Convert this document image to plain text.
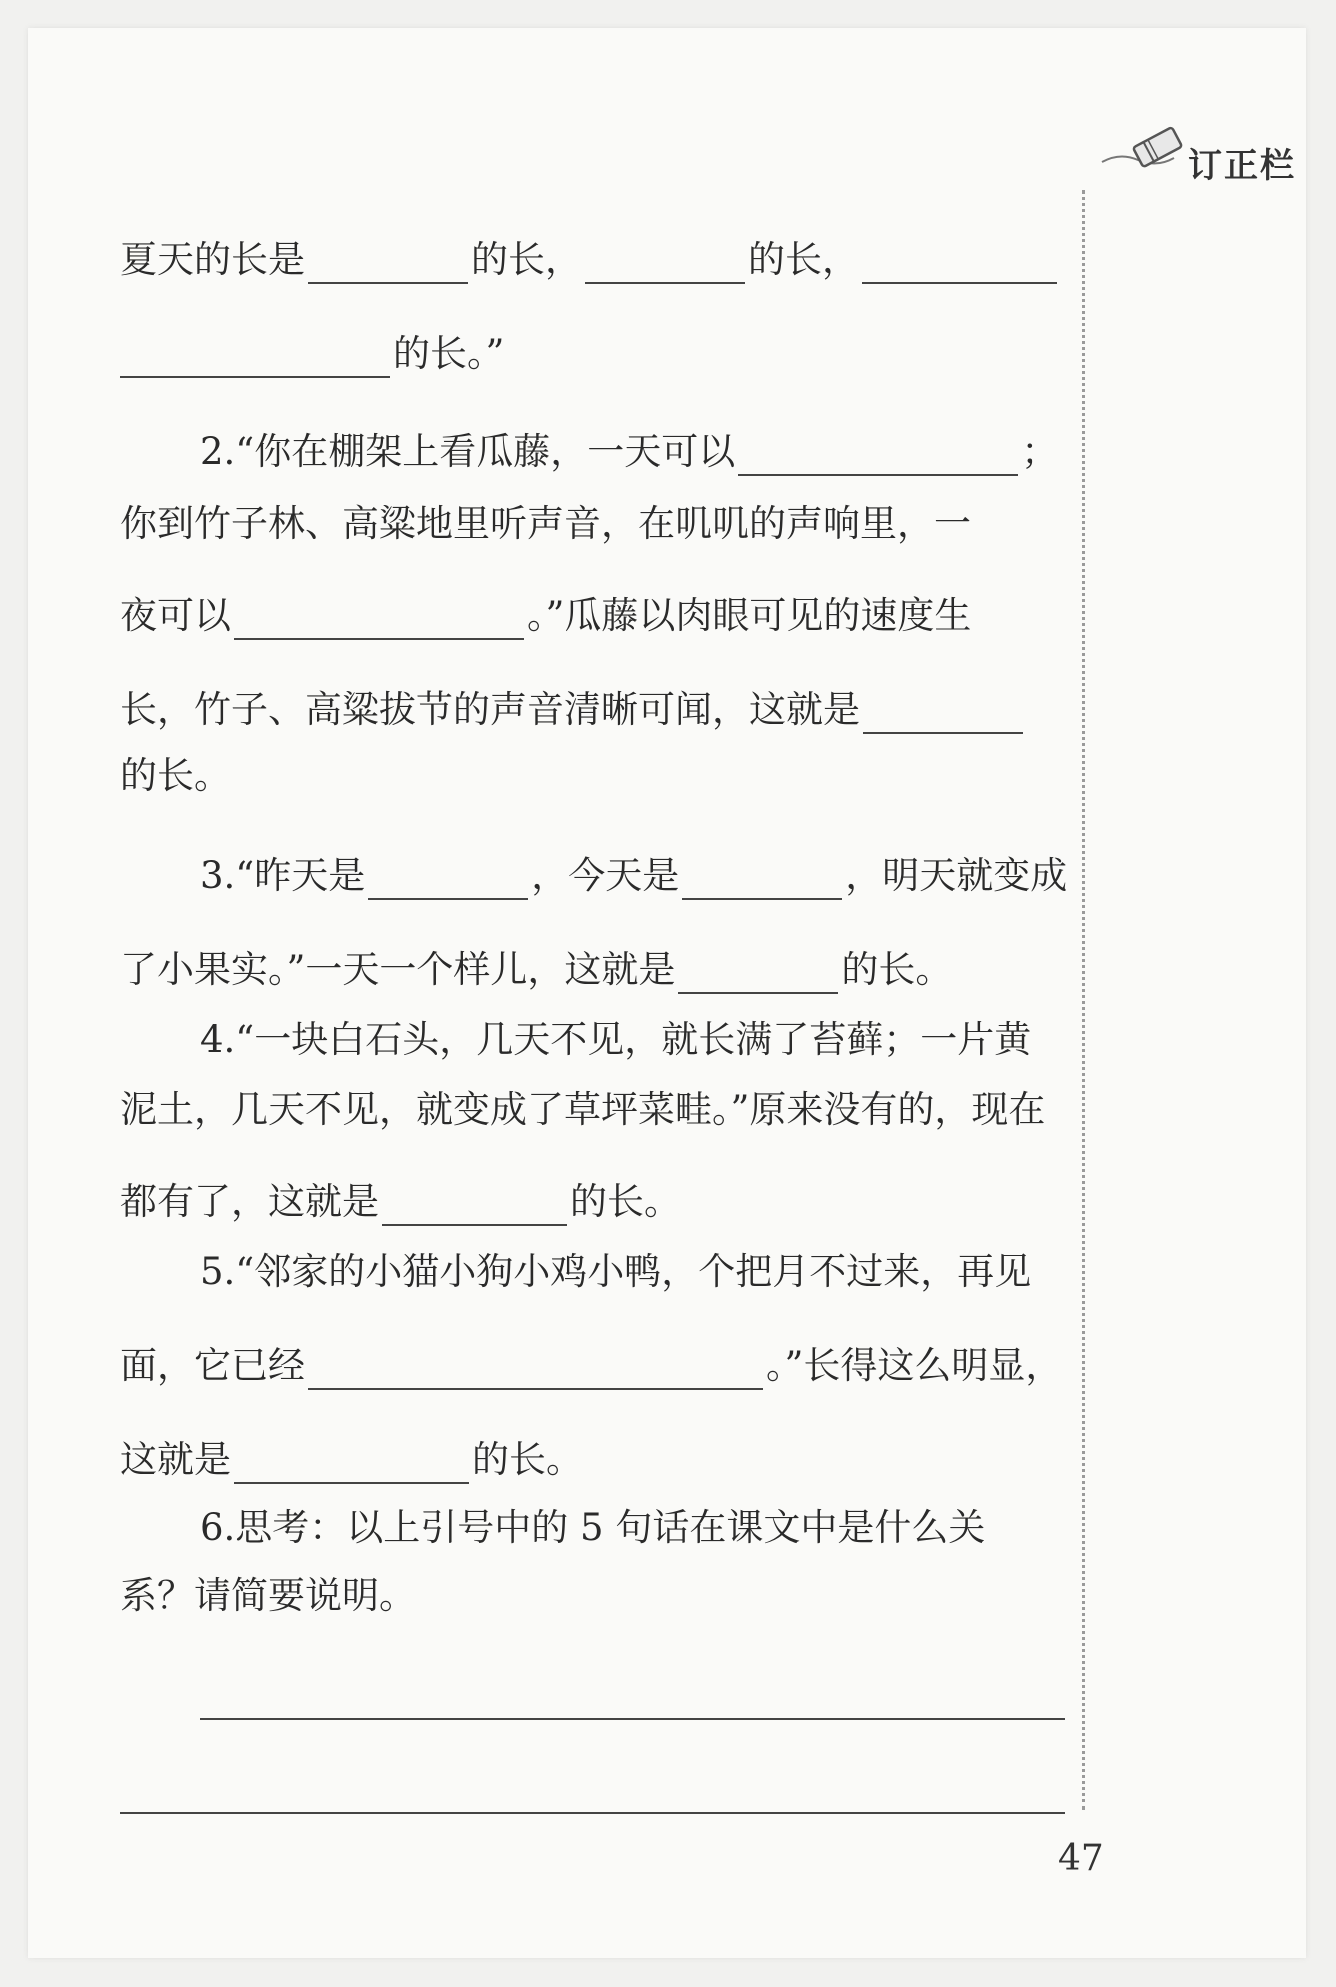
订正栏
夏天的长是	的长，	的长，
的长。”
2.“你在棚架上看瓜藤，一天可以	；
你到竹子林、高粱地里听声音，在叽叽的声响里，一
夜可以	。”瓜藤以肉眼可见的速度生
长，竹子、高粱拔节的声音清晰可闻，这就是
的长。
3.“昨天是	，今天是	，明天就变成
了小果实。”一天一个样儿，这就是	的长。
4.“一块白石头，几天不见，就长满了苔藓；一片黄
泥土，几天不见，就变成了草坪菜畦。”原来没有的，现在
都有了，这就是	的长。
5.“邻家的小猫小狗小鸡小鸭，个把月不过来，再见
面，它已经	。”长得这么明显，
这就是	的长。
6.思考：以上引号中的 5 句话在课文中是什么关
系？请简要说明。
47
